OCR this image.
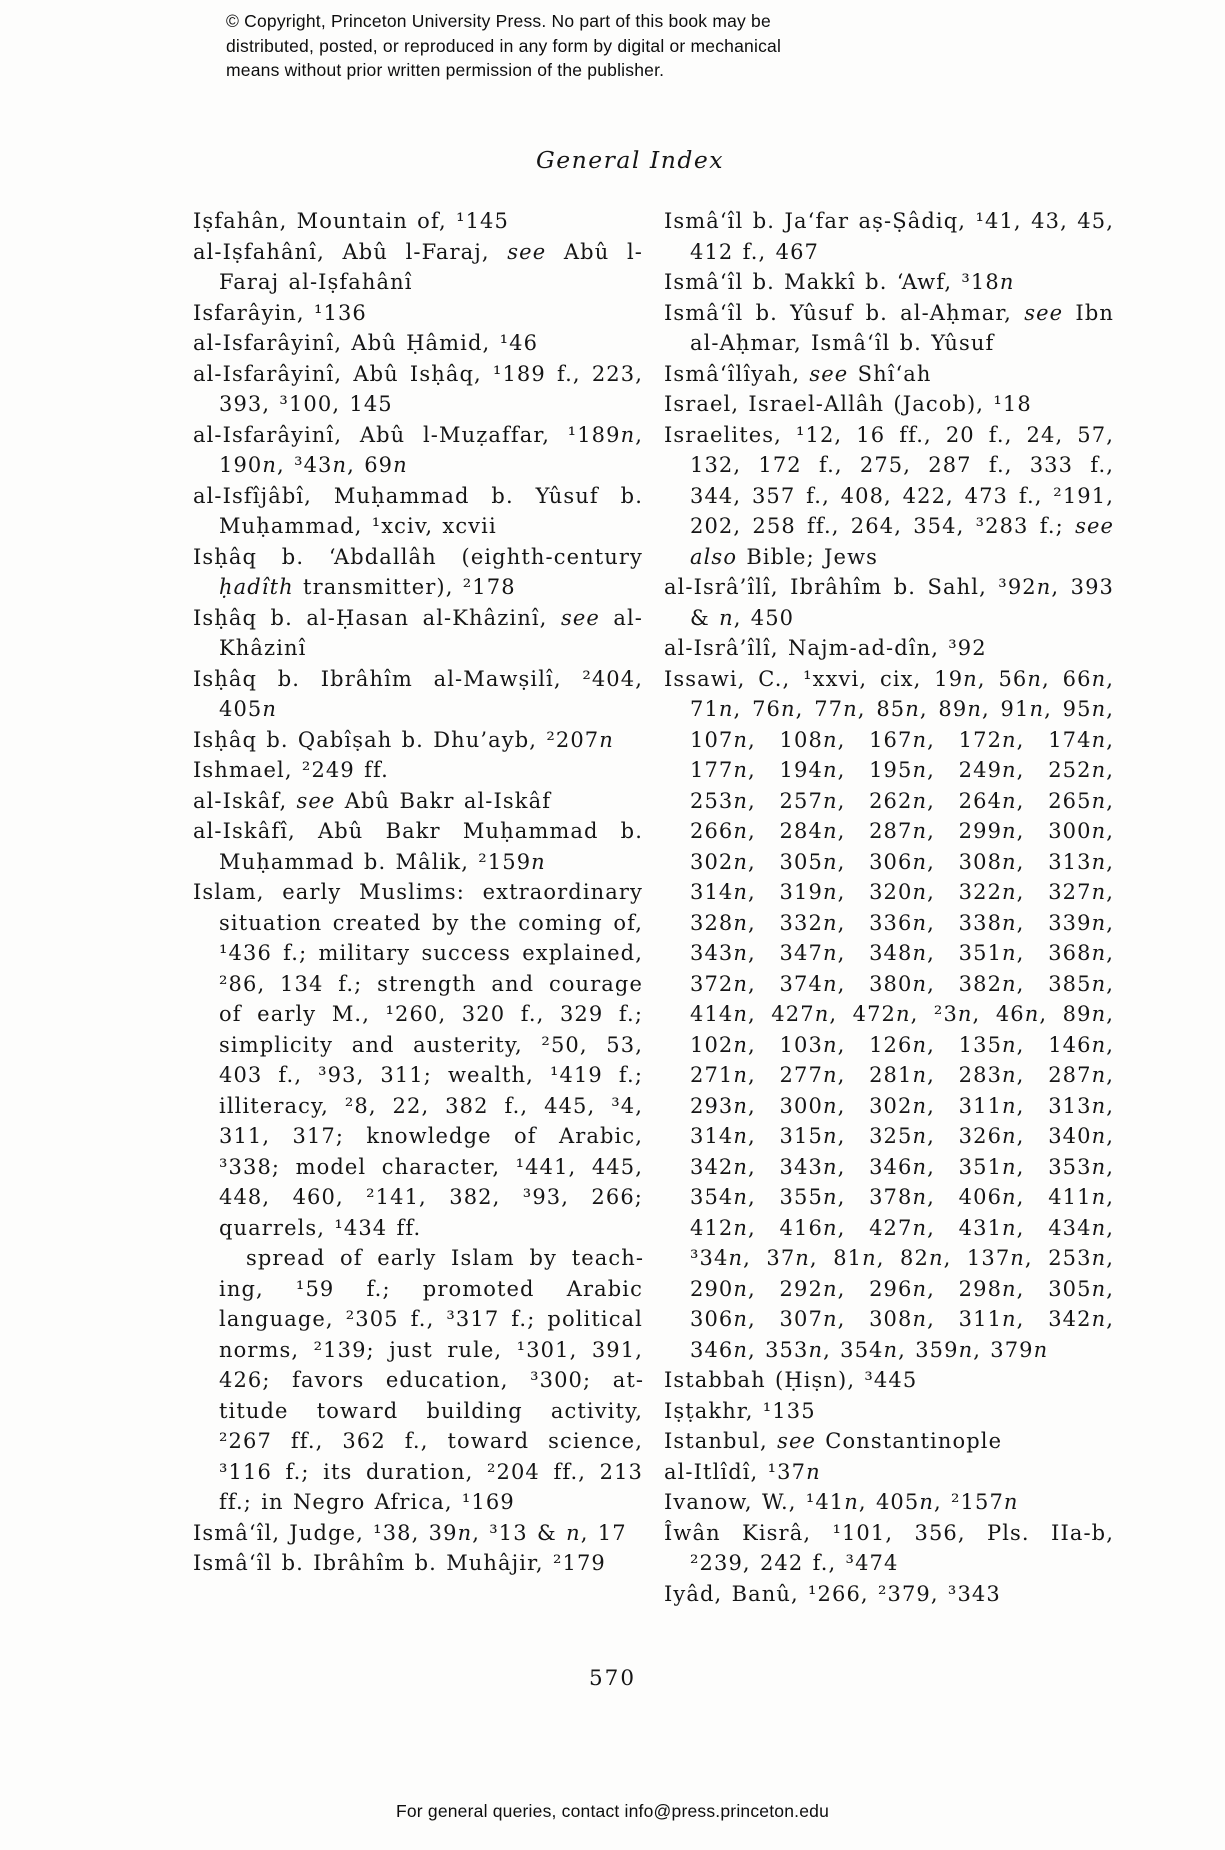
© Copyright, Princeton University Press. No part of this book may be
distributed, posted, or reproduced in any form by digital or mechanical
means without prior written permission of the publisher.
General Index

Iṣfahân, Mountain of, ¹145

al-Iṣfahânî, Abû l-Faraj, see Abû l-Faraj al-Iṣfahânî

Isfarâyin, ¹136

al-Isfarâyinî, Abû Ḥâmid, ¹46

al-Isfarâyinî, Abû Isḥâq, ¹189 f., 223, 393, ³100, 145

al-Isfarâyinî, Abû l-Muẓaffar, ¹189n, 190n, ³43n, 69n

al-Isfîjâbî, Muḥammad b. Yûsuf b. Muḥammad, ¹xciv, xcvii

Isḥâq b. ‘Abdallâh (eighth-century ḥadîth transmitter), ²178

Isḥâq b. al-Ḥasan al-Khâzinî, see al-Khâzinî

Isḥâq b. Ibrâhîm al-Mawṣilî, ²404, 405n

Isḥâq b. Qabîṣah b. Dhu’ayb, ²207n

Ishmael, ²249 ff.

al-Iskâf, see Abû Bakr al-Iskâf

al-Iskâfî, Abû Bakr Muḥammad b. Muḥammad b. Mâlik, ²159n

Islam, early Muslims: extraordinary situation created by the coming of, ¹436 f.; military success explained, ²86, 134 f.; strength and courage of early M., ¹260, 320 f., 329 f.; simplicity and austerity, ²50, 53, 403 f., ³93, 311; wealth, ¹419 f.; illiteracy, ²8, 22, 382 f., 445, ³4, 311, 317; knowledge of Arabic, ³338; model character, ¹441, 445, 448, 460, ²141, 382, ³93, 266; quarrels, ¹434 ff.

spread of early Islam by teaching, ¹59 f.; promoted Arabic language, ²305 f., ³317 f.; political norms, ²139; just rule, ¹301, 391, 426; favors education, ³300; attitude toward building activity, ²267 ff., 362 f., toward science, ³116 f.; its duration, ²204 ff., 213 ff.; in Negro Africa, ¹169

Ismâ‘îl, Judge, ¹38, 39n, ³13 & n, 17

Ismâ‘îl b. Ibrâhîm b. Muhâjir, ²179

Ismâ‘îl b. Ja‘far aṣ-Ṣâdiq, ¹41, 43, 45, 412 f., 467

Ismâ‘îl b. Makkî b. ‘Awf, ³18n

Ismâ‘îl b. Yûsuf b. al-Aḥmar, see Ibn al-Aḥmar, Ismâ‘îl b. Yûsuf

Ismâ‘îlîyah, see Shî‘ah

Israel, Israel-Allâh (Jacob), ¹18

Israelites, ¹12, 16 ff., 20 f., 24, 57, 132, 172 f., 275, 287 f., 333 f., 344, 357 f., 408, 422, 473 f., ²191, 202, 258 ff., 264, 354, ³283 f.; see also Bible; Jews

al-Isrâ’îlî, Ibrâhîm b. Sahl, ³92n, 393 & n, 450

al-Isrâ’îlî, Najm-ad-dîn, ³92

Issawi, C., ¹xxvi, cix, 19n, 56n, 66n, 71n, 76n, 77n, 85n, 89n, 91n, 95n, 107n, 108n, 167n, 172n, 174n, 177n, 194n, 195n, 249n, 252n, 253n, 257n, 262n, 264n, 265n, 266n, 284n, 287n, 299n, 300n, 302n, 305n, 306n, 308n, 313n, 314n, 319n, 320n, 322n, 327n, 328n, 332n, 336n, 338n, 339n, 343n, 347n, 348n, 351n, 368n, 372n, 374n, 380n, 382n, 385n, 414n, 427n, 472n, ²3n, 46n, 89n, 102n, 103n, 126n, 135n, 146n, 271n, 277n, 281n, 283n, 287n, 293n, 300n, 302n, 311n, 313n, 314n, 315n, 325n, 326n, 340n, 342n, 343n, 346n, 351n, 353n, 354n, 355n, 378n, 406n, 411n, 412n, 416n, 427n, 431n, 434n, ³34n, 37n, 81n, 82n, 137n, 253n, 290n, 292n, 296n, 298n, 305n, 306n, 307n, 308n, 311n, 342n, 346n, 353n, 354n, 359n, 379n

Istabbah (Ḥiṣn), ³445

Iṣṭakhr, ¹135

Istanbul, see Constantinople

al-Itlîdî, ¹37n

Ivanow, W., ¹41n, 405n, ²157n

Îwân Kisrâ, ¹101, 356, Pls. IIa-b, ²239, 242 f., ³474

Iyâd, Banû, ¹266, ²379, ³343

570
For general queries, contact info@press.princeton.edu
